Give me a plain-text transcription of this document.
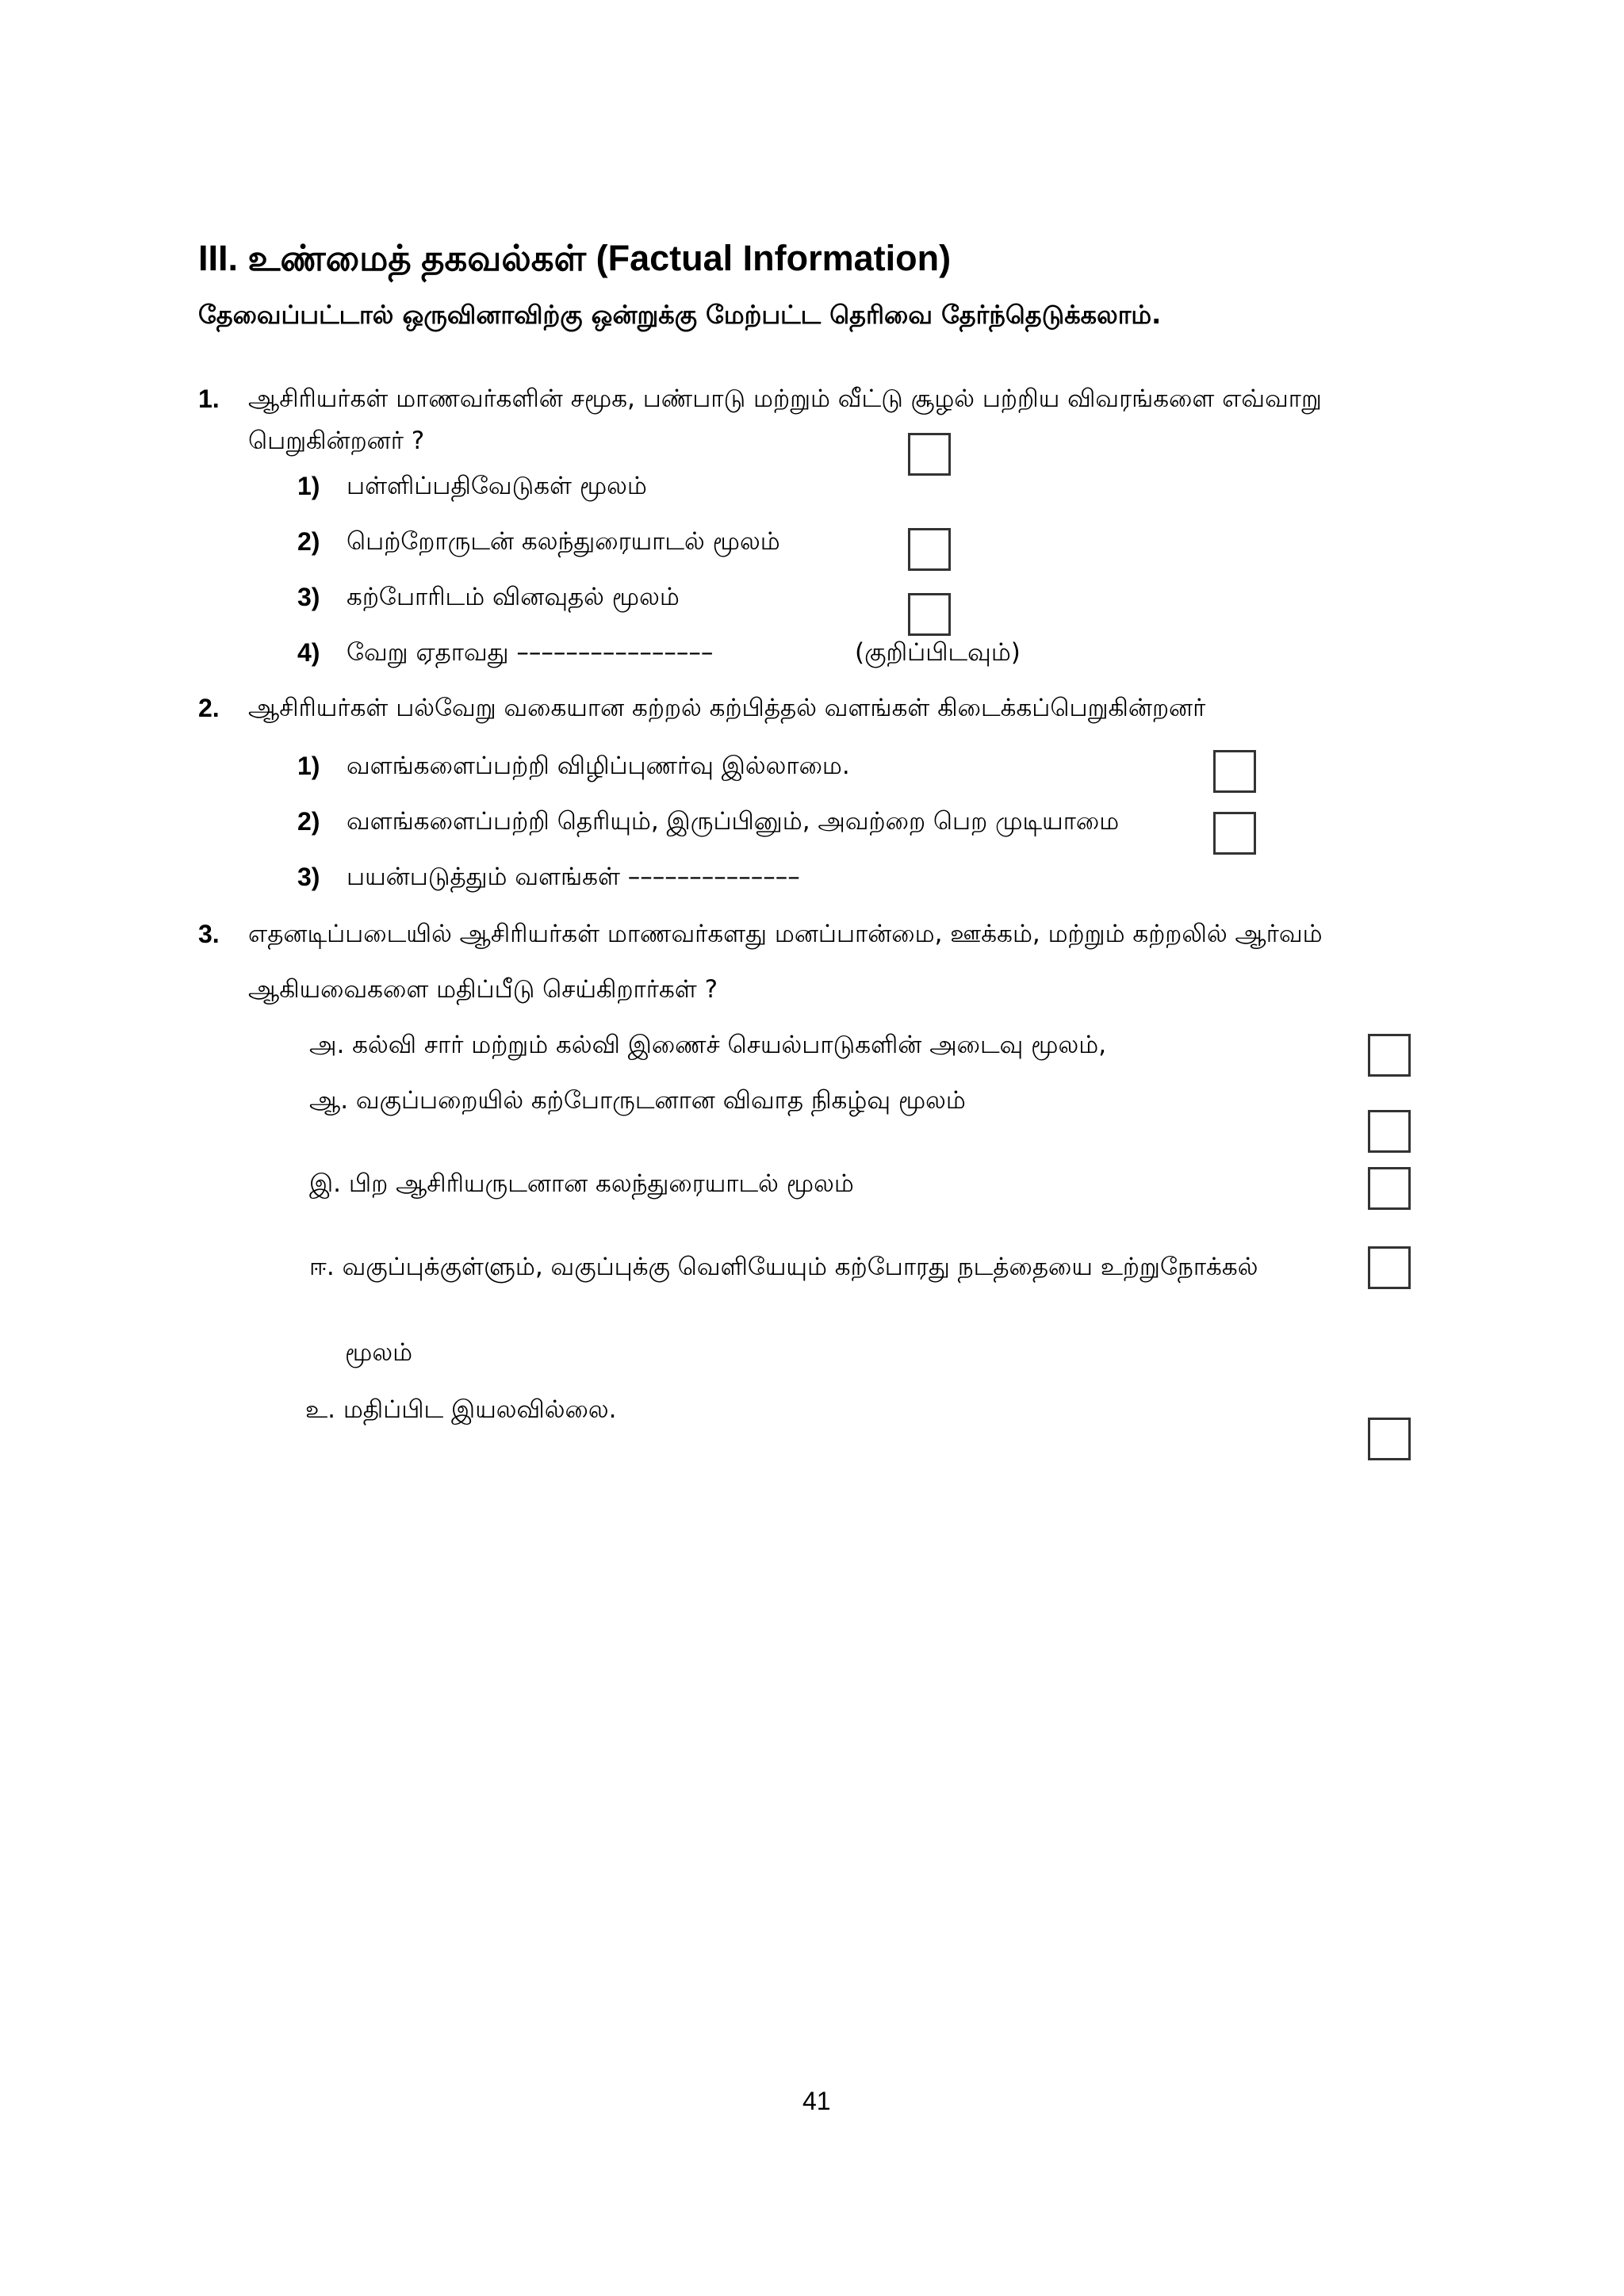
III. உண்மைத் தகவல்கள் (Factual Information)
தேவைப்பட்டால் ஒருவினாவிற்கு ஒன்றுக்கு மேற்பட்ட தெரிவை தேர்ந்தெடுக்கலாம்.
1. ஆசிரியர்கள் மாணவர்களின் சமூக, பண்பாடு மற்றும் வீட்டு சூழல் பற்றிய விவரங்களை எவ்வாறு
பெறுகின்றனர் ?
1) பள்ளிப்பதிவேடுகள் மூலம்
2) பெற்றோருடன் கலந்துரையாடல் மூலம்
3) கற்போரிடம் வினவுதல் மூலம்
4) வேறு ஏதாவது ––––––––––––––––	(குறிப்பிடவும்)
2. ஆசிரியர்கள் பல்வேறு வகையான கற்றல் கற்பித்தல் வளங்கள் கிடைக்கப்பெறுகின்றனர்
1) வளங்களைப்பற்றி விழிப்புணர்வு இல்லாமை.
2) வளங்களைப்பற்றி தெரியும், இருப்பினும், அவற்றை பெற முடியாமை
3) பயன்படுத்தும் வளங்கள் ––––––––––––––
3. எதனடிப்படையில் ஆசிரியர்கள் மாணவர்களது மனப்பான்மை, ஊக்கம், மற்றும் கற்றலில் ஆர்வம்
ஆகியவைகளை மதிப்பீடு செய்கிறார்கள் ?
அ. கல்வி சார் மற்றும் கல்வி இணைச் செயல்பாடுகளின் அடைவு மூலம்,
ஆ. வகுப்பறையில் கற்போருடனான விவாத நிகழ்வு மூலம்
இ. பிற ஆசிரியருடனான கலந்துரையாடல் மூலம்
ஈ. வகுப்புக்குள்ளும், வகுப்புக்கு வெளியேயும் கற்போரது நடத்தையை உற்றுநோக்கல்
மூலம்
உ. மதிப்பிட இயலவில்லை.
41
